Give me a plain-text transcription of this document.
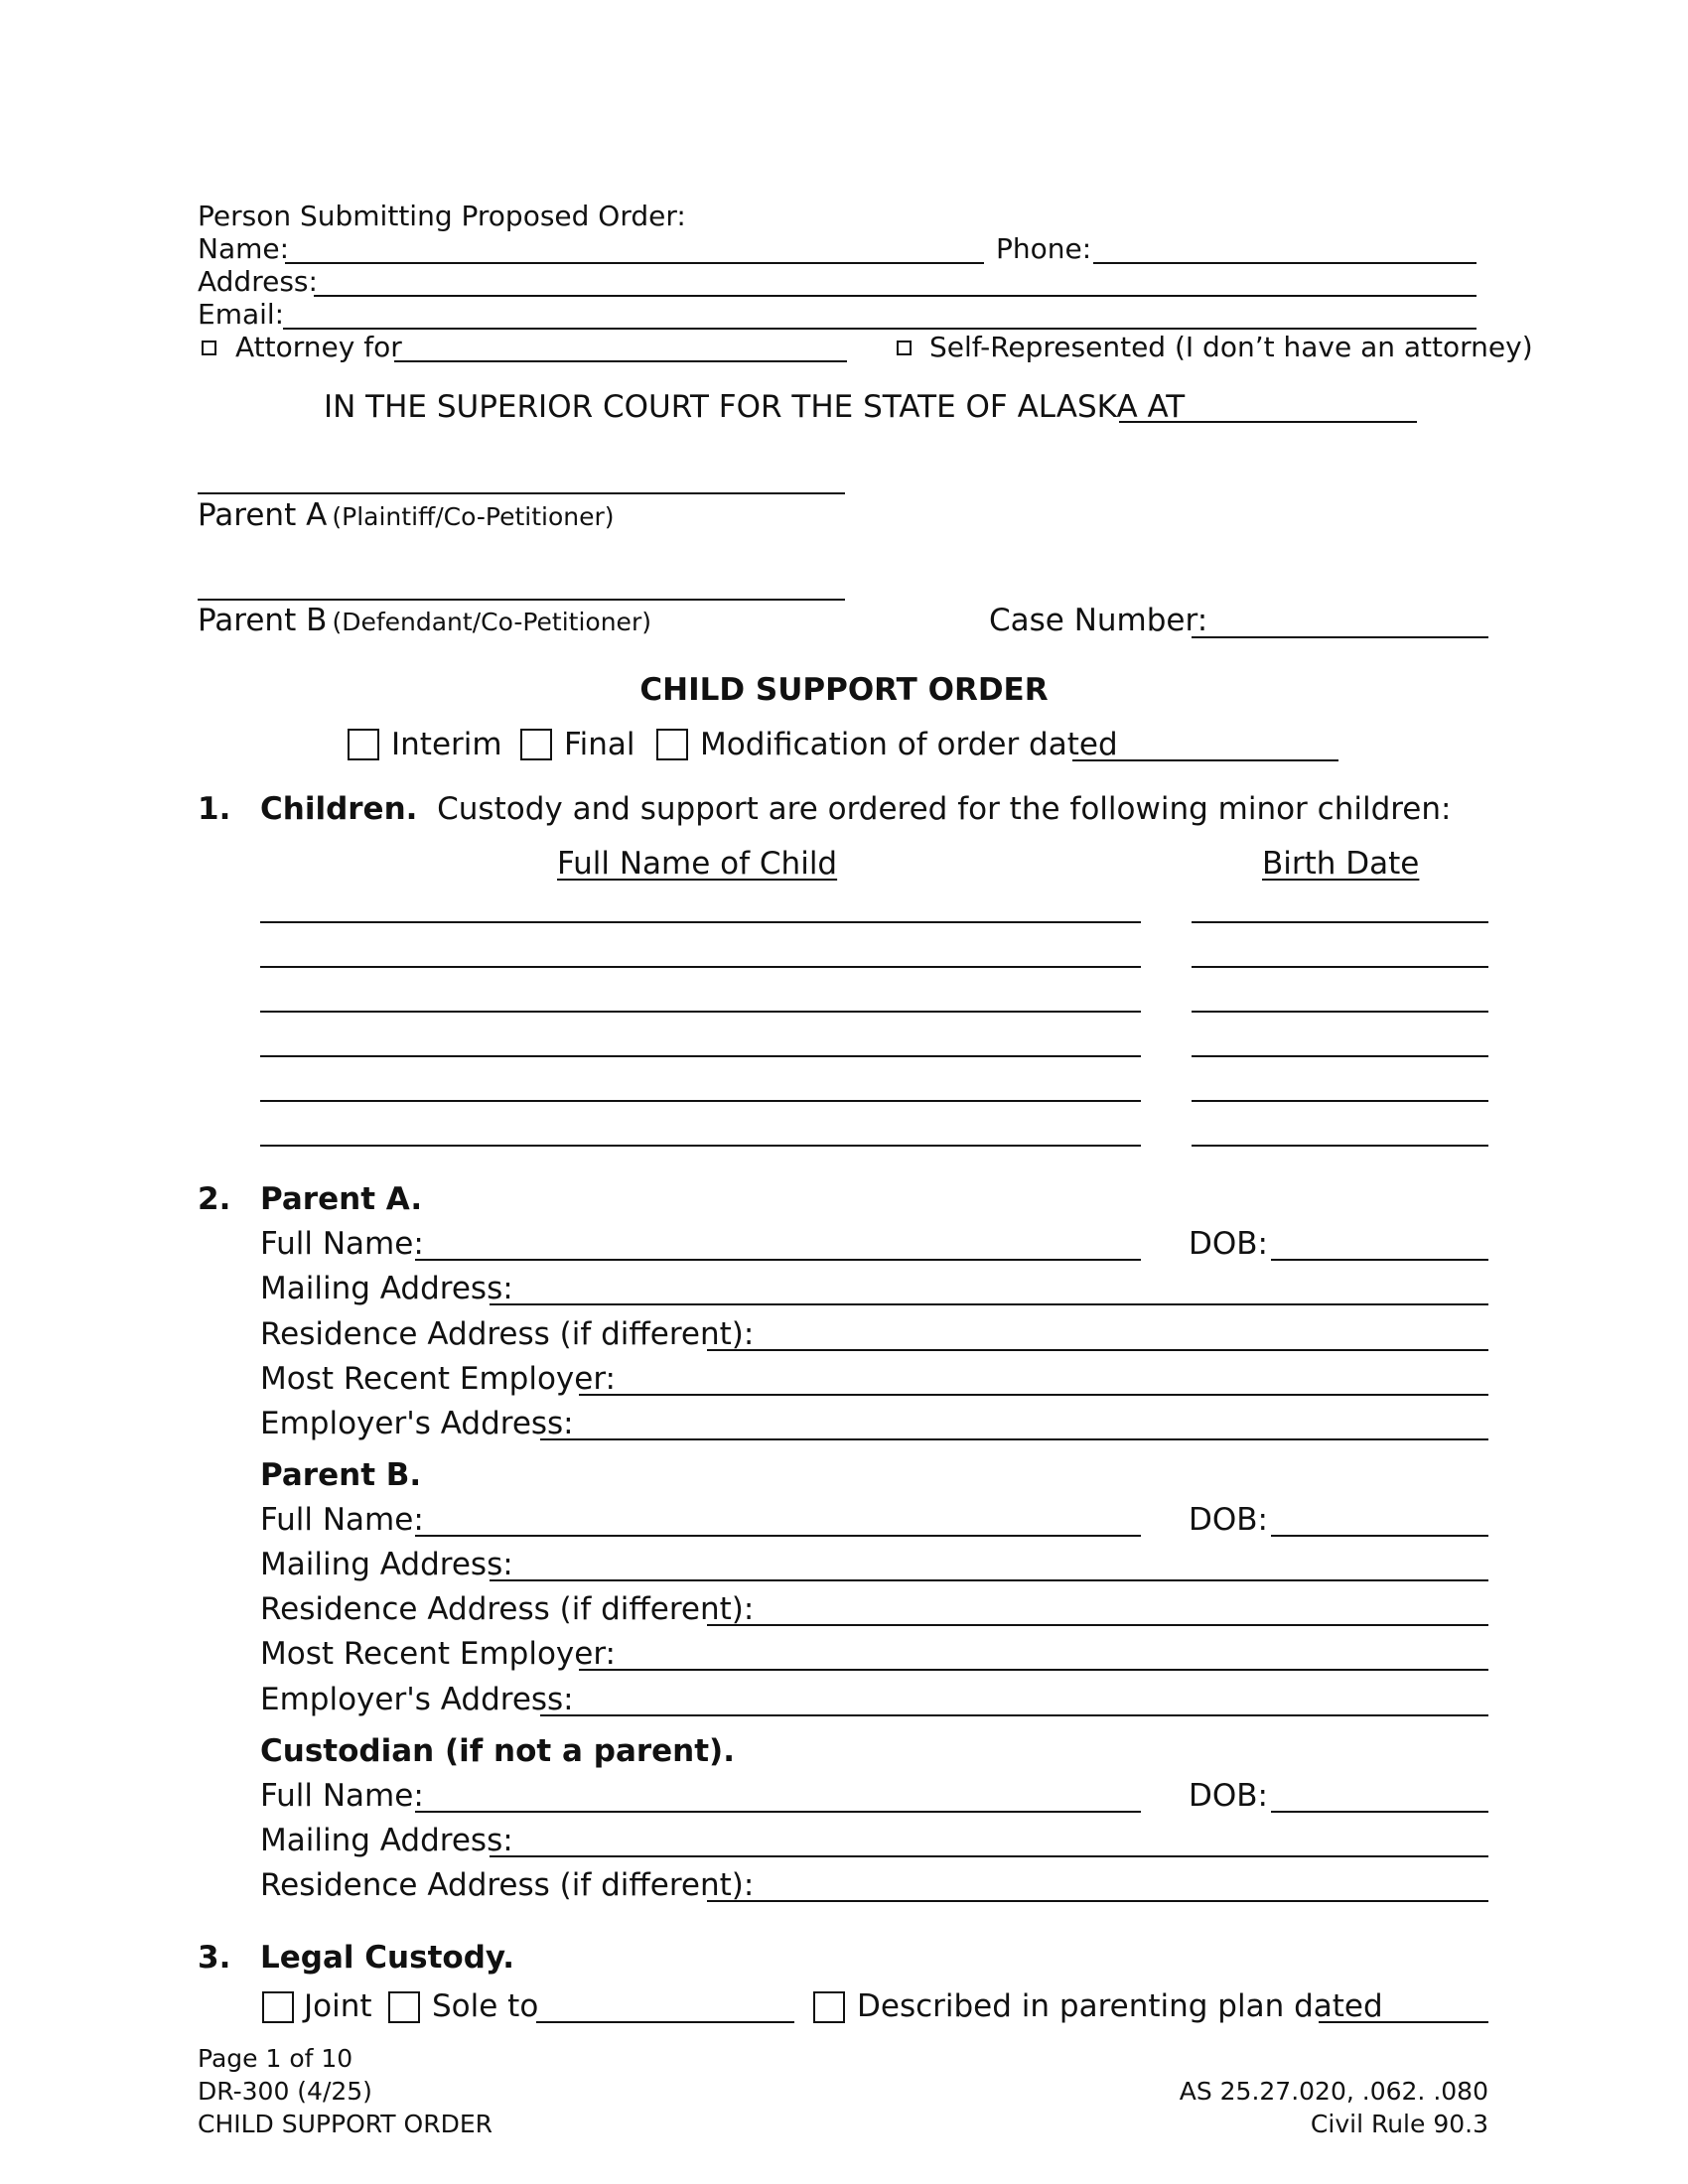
Person Submitting Proposed Order:
Name:	Phone:
Address:
Email:
Attorney for	Self-Represented (I don’t have an attorney)
IN THE SUPERIOR COURT FOR THE STATE OF ALASKA AT
Parent A (Plaintiff/Co-Petitioner)
Parent B (Defendant/Co-Petitioner)	Case Number:
CHILD SUPPORT ORDER
Interim Final Modification of order dated
1. Children. Custody and support are ordered for the following minor children:
Full Name of Child	Birth Date
2. Parent A.
Full Name:	DOB:
Mailing Address:
Residence Address (if different):
Most Recent Employer:
Employer's Address:
Parent B.
Full Name:	DOB:
Mailing Address:
Residence Address (if different):
Most Recent Employer:
Employer's Address:
Custodian (if not a parent).
Full Name:	DOB:
Mailing Address:
Residence Address (if different):
3. Legal Custody.
Joint Sole to	Described in parenting plan dated
Page 1 of 10
DR-300 (4/25)
CHILD SUPPORT ORDER
AS 25.27.020, .062. .080
Civil Rule 90.3
